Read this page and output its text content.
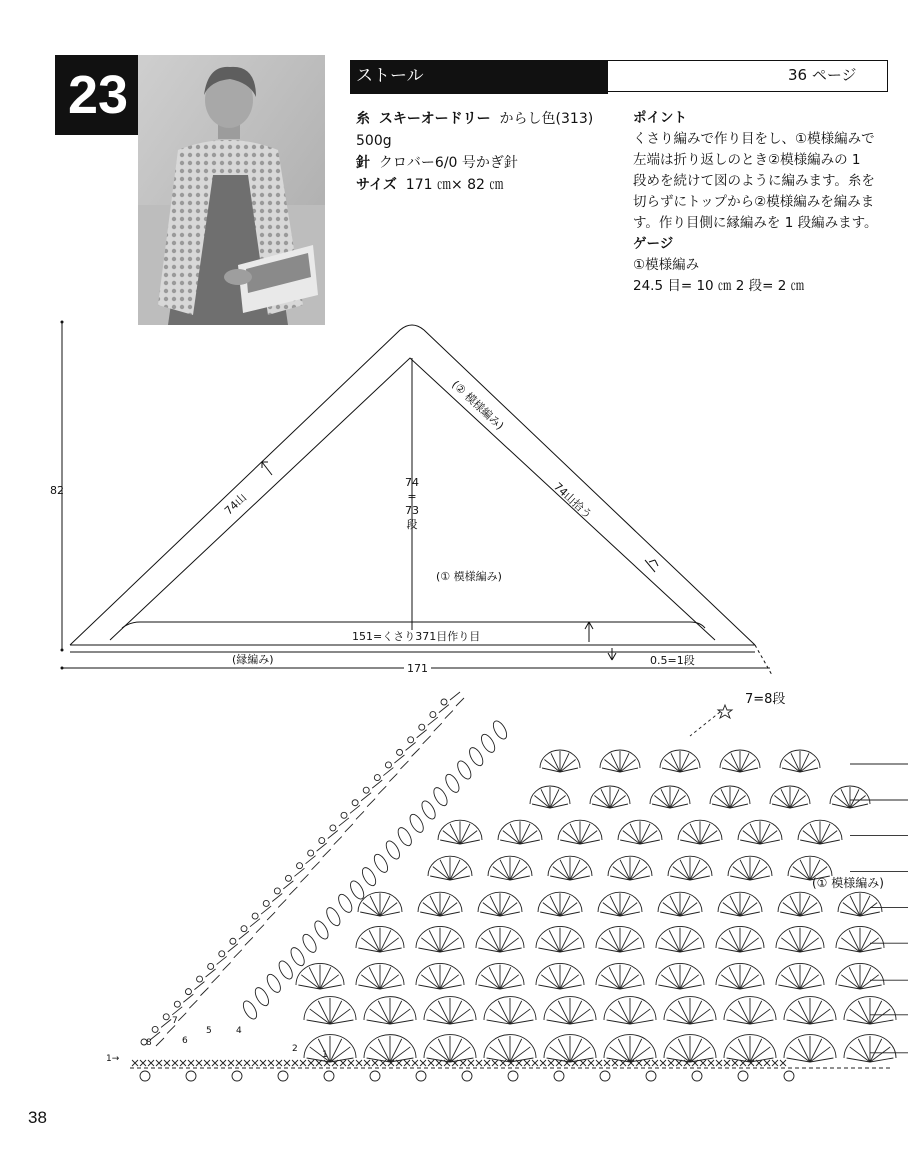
23	ストール	36 ページ
糸 スキーオードリー からし色(313)
500g
針 クロバー6/0 号かぎ針
サイズ 171 ㎝× 82 ㎝
ポイント
くさり編みで作り目をし、①模様編みで
左端は折り返しのとき②模様編みの 1
段めを続けて図のように編みます。糸を
切らずにトップから②模様編みを編みま
す。作り目側に縁編みを 1 段編みます。
ゲージ
①模様編み
24.5 目= 10 ㎝ 2 段= 2 ㎝
82
74山
(② 模様編み)
74山拾う
74
=
73
段
(① 模様編み)
151=くさり371目作り目
(縁編み)	0.5=1段
171
7=8段
(① 模様編み)
1→
8
7
6
5	4
2
1
38
